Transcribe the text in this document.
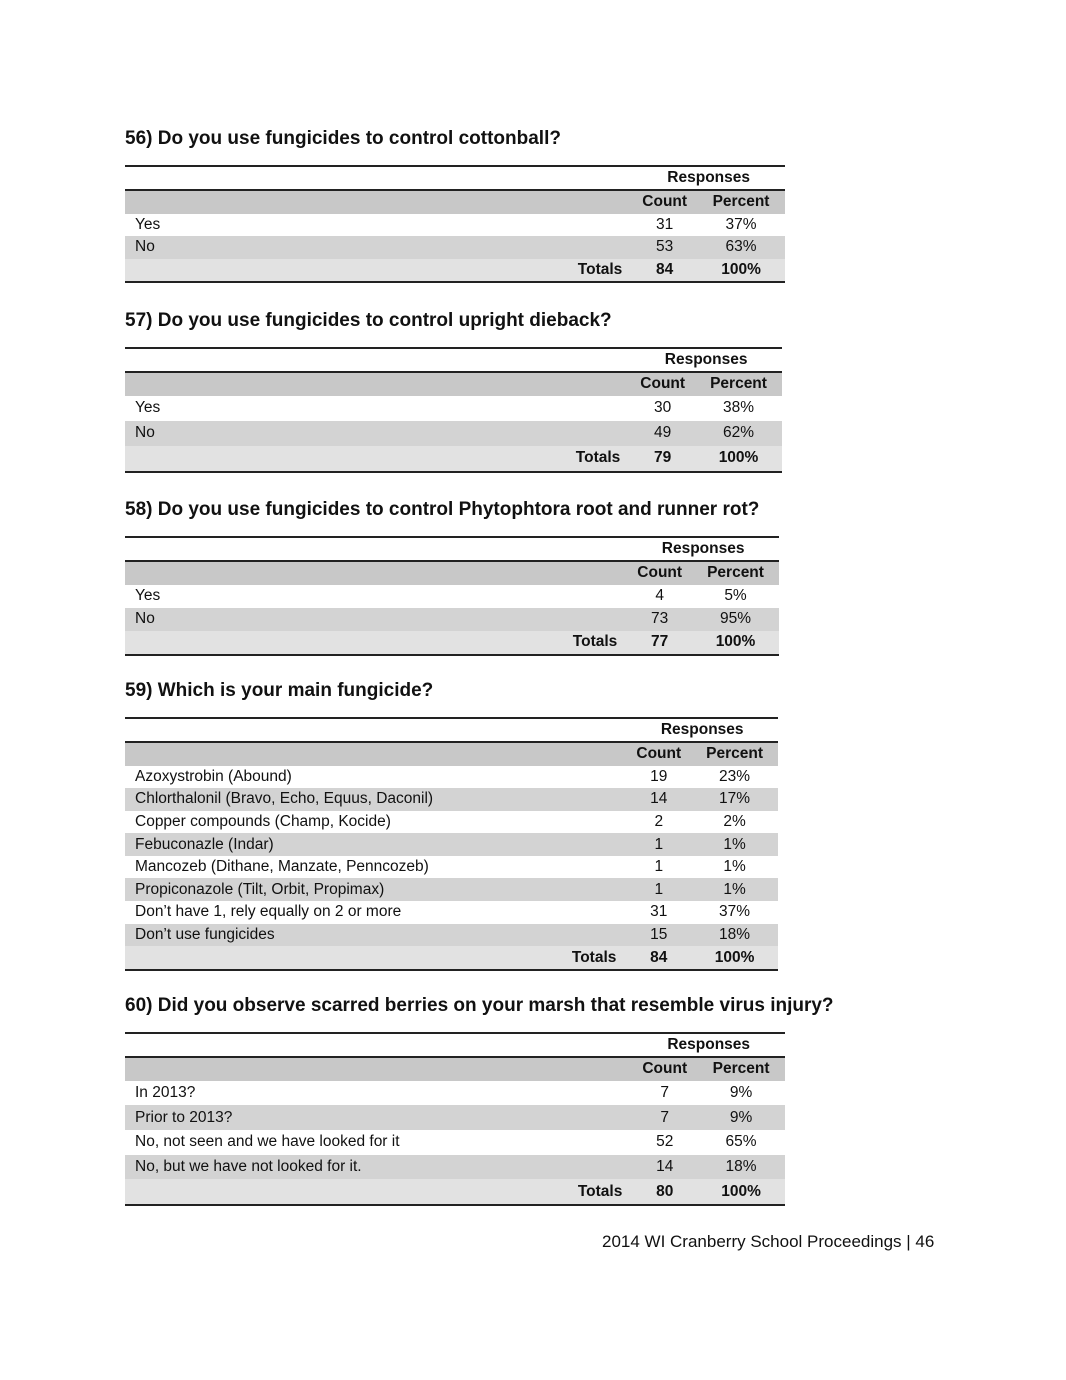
56) Do you use fungicides to control cottonball?
	Responses	
	Count	Percent
Yes	31	37%
No	53	63%
Totals	84	100%
57) Do you use fungicides to control upright dieback?
	Responses	
	Count	Percent
Yes	30	38%
No	49	62%
Totals	79	100%
58) Do you use fungicides to control Phytophtora root and runner rot?
	Responses	
	Count	Percent
Yes	4	5%
No	73	95%
Totals	77	100%
59) Which is your main fungicide?
	Responses	
	Count	Percent
Azoxystrobin (Abound)	19	23%
Chlorthalonil (Bravo, Echo, Equus, Daconil)	14	17%
Copper compounds (Champ, Kocide)	2	2%
Febuconazle (Indar)	1	1%
Mancozeb (Dithane, Manzate, Penncozeb)	1	1%
Propiconazole (Tilt, Orbit, Propimax)	1	1%
Don’t have 1, rely equally on 2 or more	31	37%
Don’t use fungicides	15	18%
Totals	84	100%
60) Did you observe scarred berries on your marsh that resemble virus injury?
	Responses	
	Count	Percent
In 2013?	7	9%
Prior to 2013?	7	9%
No, not seen and we have looked for it	52	65%
No, but we have not looked for it.	14	18%
Totals	80	100%
2014 WI Cranberry School Proceedings | 46
